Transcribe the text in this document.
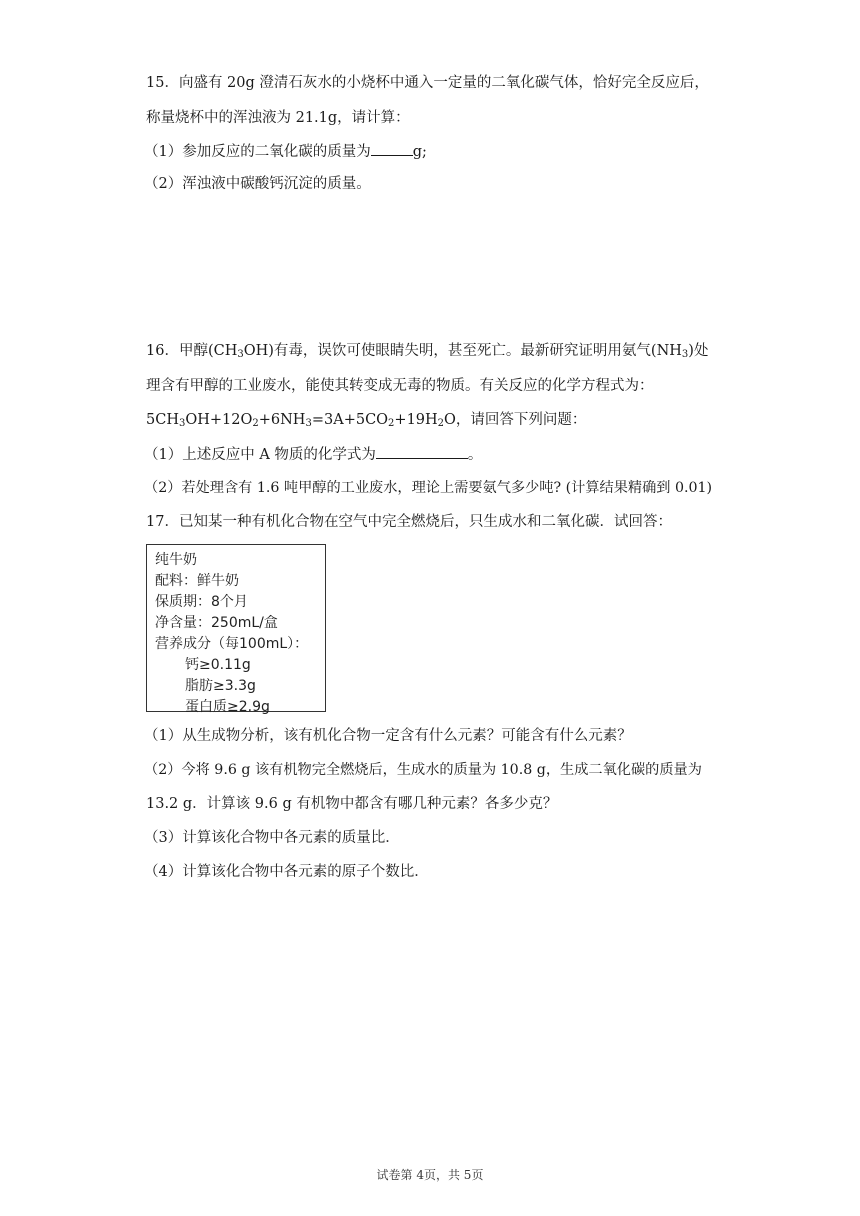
15．向盛有 20g 澄清石灰水的小烧杯中通入一定量的二氧化碳气体，恰好完全反应后，
称量烧杯中的浑浊液为 21.1g，请计算：
（1）参加反应的二氧化碳的质量为	g;
（2）浑浊液中碳酸钙沉淀的质量。
16．甲醇$(CH_3OH)$有毒，误饮可使眼睛失明，甚至死亡。最新研究证明用氨气$(NH_3)$处
理含有甲醇的工业废水，能使其转变成无毒的物质。有关反应的化学方程式为：
$5CH_3OH+12O_2+6NH_3=3A+5CO_2+19H_2O$，请回答下列问题：
（1）上述反应中 A 物质的化学式为	。
（2）若处理含有 1.6 吨甲醇的工业废水，理论上需要氨气多少吨? (计算结果精确到 0.01)
17．已知某一种有机化合物在空气中完全燃烧后，只生成水和二氧化碳．试回答：
纯牛奶
配料：鲜牛奶
保质期：8个月
净含量：250mL/盒
营养成分（每100mL）：
钙≥0.11g
脂肪≥3.3g
蛋白质≥2.9g
（1）从生成物分析，该有机化合物一定含有什么元素？可能含有什么元素？
（2）今将 9.6 g 该有机物完全燃烧后，生成水的质量为 10.8 g，生成二氧化碳的质量为
13.2 g．计算该 9.6 g 有机物中都含有哪几种元素？各多少克？
（3）计算该化合物中各元素的质量比．
（4）计算该化合物中各元素的原子个数比．
试卷第 4页，共 5页
